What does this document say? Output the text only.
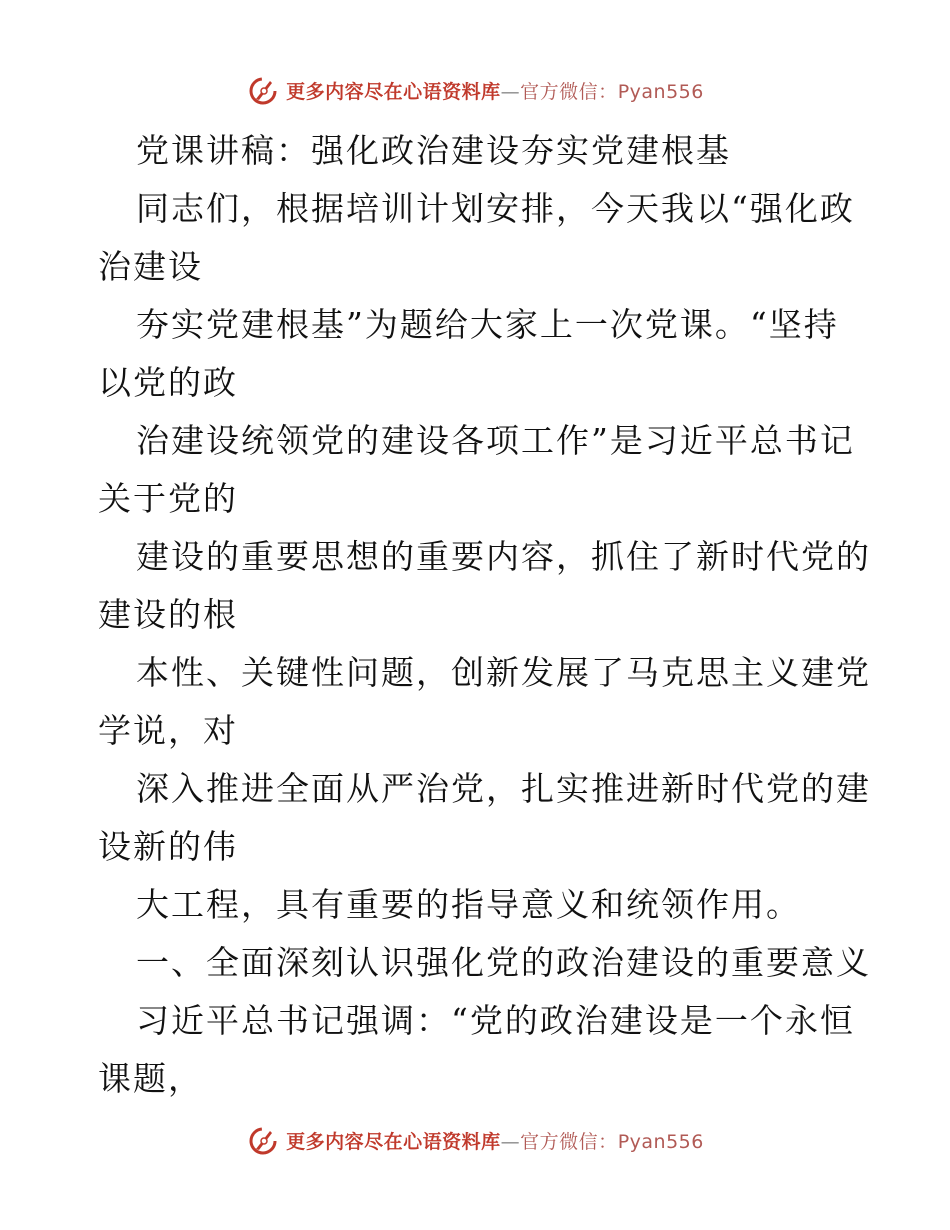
更多内容尽在心语资料库—官方微信：Pyan556
党课讲稿：强化政治建设夯实党建根基
同志们，根据培训计划安排，今天我以“强化政
治建设
夯实党建根基”为题给大家上一次党课。“坚持
以党的政
治建设统领党的建设各项工作”是习近平总书记
关于党的
建设的重要思想的重要内容，抓住了新时代党的
建设的根
本性、关键性问题，创新发展了马克思主义建党
学说，对
深入推进全面从严治党，扎实推进新时代党的建
设新的伟
大工程，具有重要的指导意义和统领作用。
一、全面深刻认识强化党的政治建设的重要意义
习近平总书记强调：“党的政治建设是一个永恒
课题，
更多内容尽在心语资料库—官方微信：Pyan556
